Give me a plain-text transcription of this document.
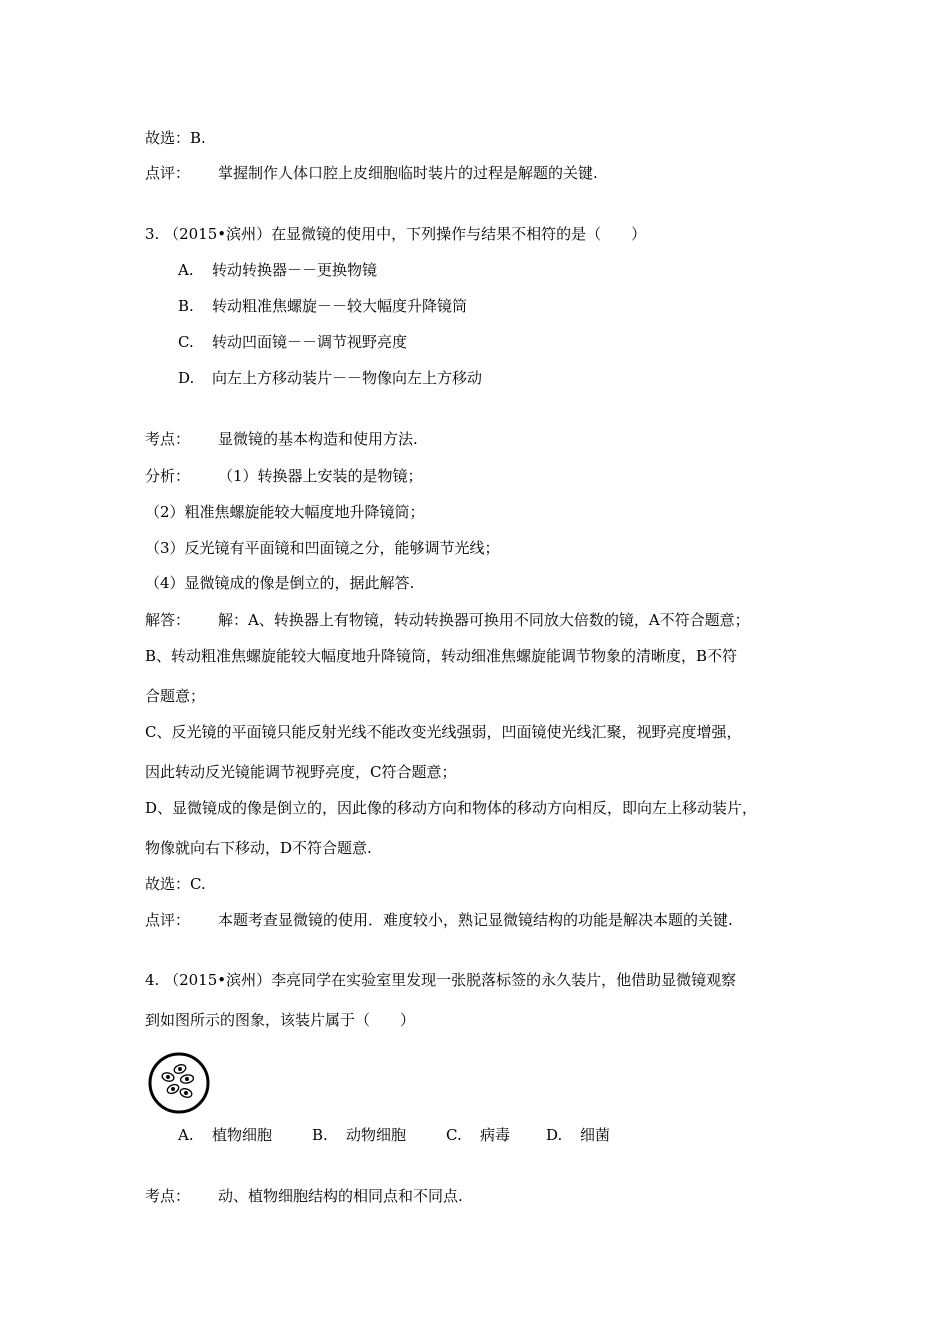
故选：B.
点评： 掌握制作人体口腔上皮细胞临时装片的过程是解题的关键.
3. （2015•滨州）在显微镜的使用中，下列操作与结果不相符的是（　　）
A. 转动转换器－－更换物镜
B. 转动粗准焦螺旋－－较大幅度升降镜筒
C. 转动凹面镜－－调节视野亮度
D. 向左上方移动装片－－物像向左上方移动
考点： 显微镜的基本构造和使用方法.
分析： （1）转换器上安装的是物镜；
（2）粗准焦螺旋能较大幅度地升降镜筒；
（3）反光镜有平面镜和凹面镜之分，能够调节光线；
（4）显微镜成的像是倒立的，据此解答.
解答： 解：A、转换器上有物镜，转动转换器可换用不同放大倍数的镜，A不符合题意；
B、转动粗准焦螺旋能较大幅度地升降镜筒，转动细准焦螺旋能调节物象的清晰度，B不符
合题意；
C、反光镜的平面镜只能反射光线不能改变光线强弱，凹面镜使光线汇聚，视野亮度增强，
因此转动反光镜能调节视野亮度，C符合题意；
D、显微镜成的像是倒立的，因此像的移动方向和物体的移动方向相反，即向左上移动装片，
物像就向右下移动，D不符合题意.
故选：C.
点评： 本题考查显微镜的使用．难度较小，熟记显微镜结构的功能是解决本题的关键.
4. （2015•滨州）李亮同学在实验室里发现一张脱落标签的永久装片，他借助显微镜观察
到如图所示的图象，该装片属于（　　）
A. 植物细胞	B. 动物细胞	C. 病毒 D. 细菌
考点： 动、植物细胞结构的相同点和不同点.
